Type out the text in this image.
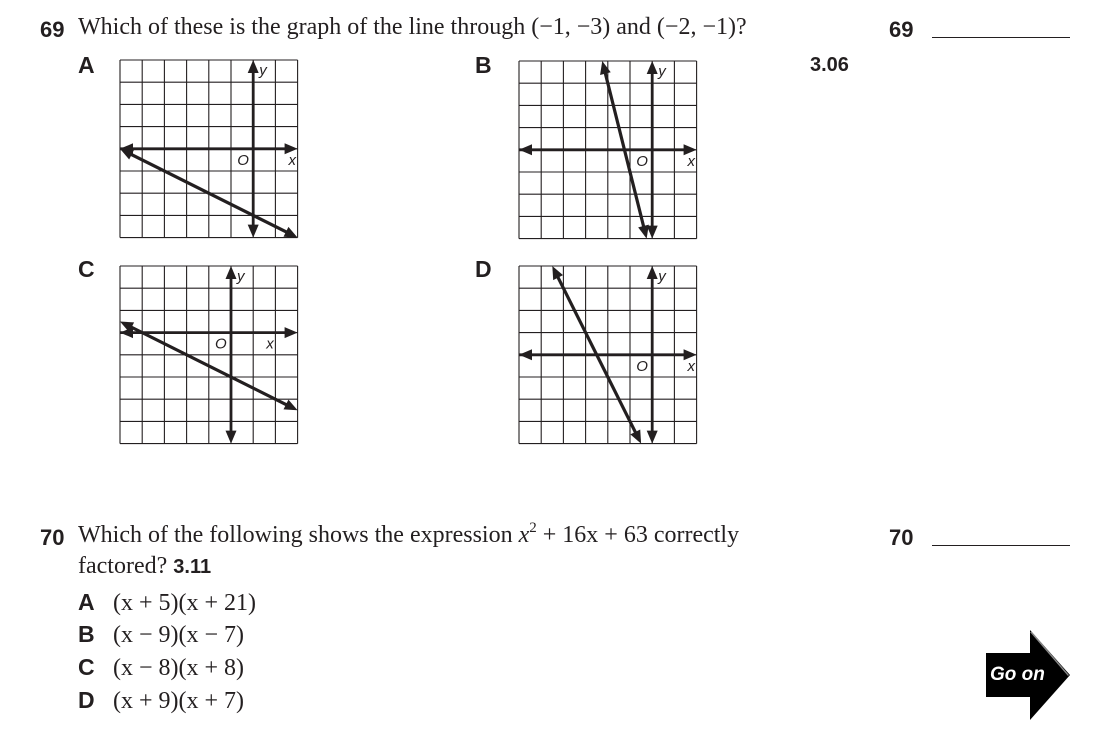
69 Which of these is the graph of the line through (−1, −3) and (−2, −1)?	69
3.06
A	B
C	D
O	x
y
O	x
y
O	x
y
O	x
y
70 Which of the following shows the expression $x^2 + 16x + 63$ correctly
factored? 3.11
70
A (x + 5)(x + 21)
B (x − 9)(x − 7)
C (x − 8)(x + 8)
D (x + 9)(x + 7)
Go on
